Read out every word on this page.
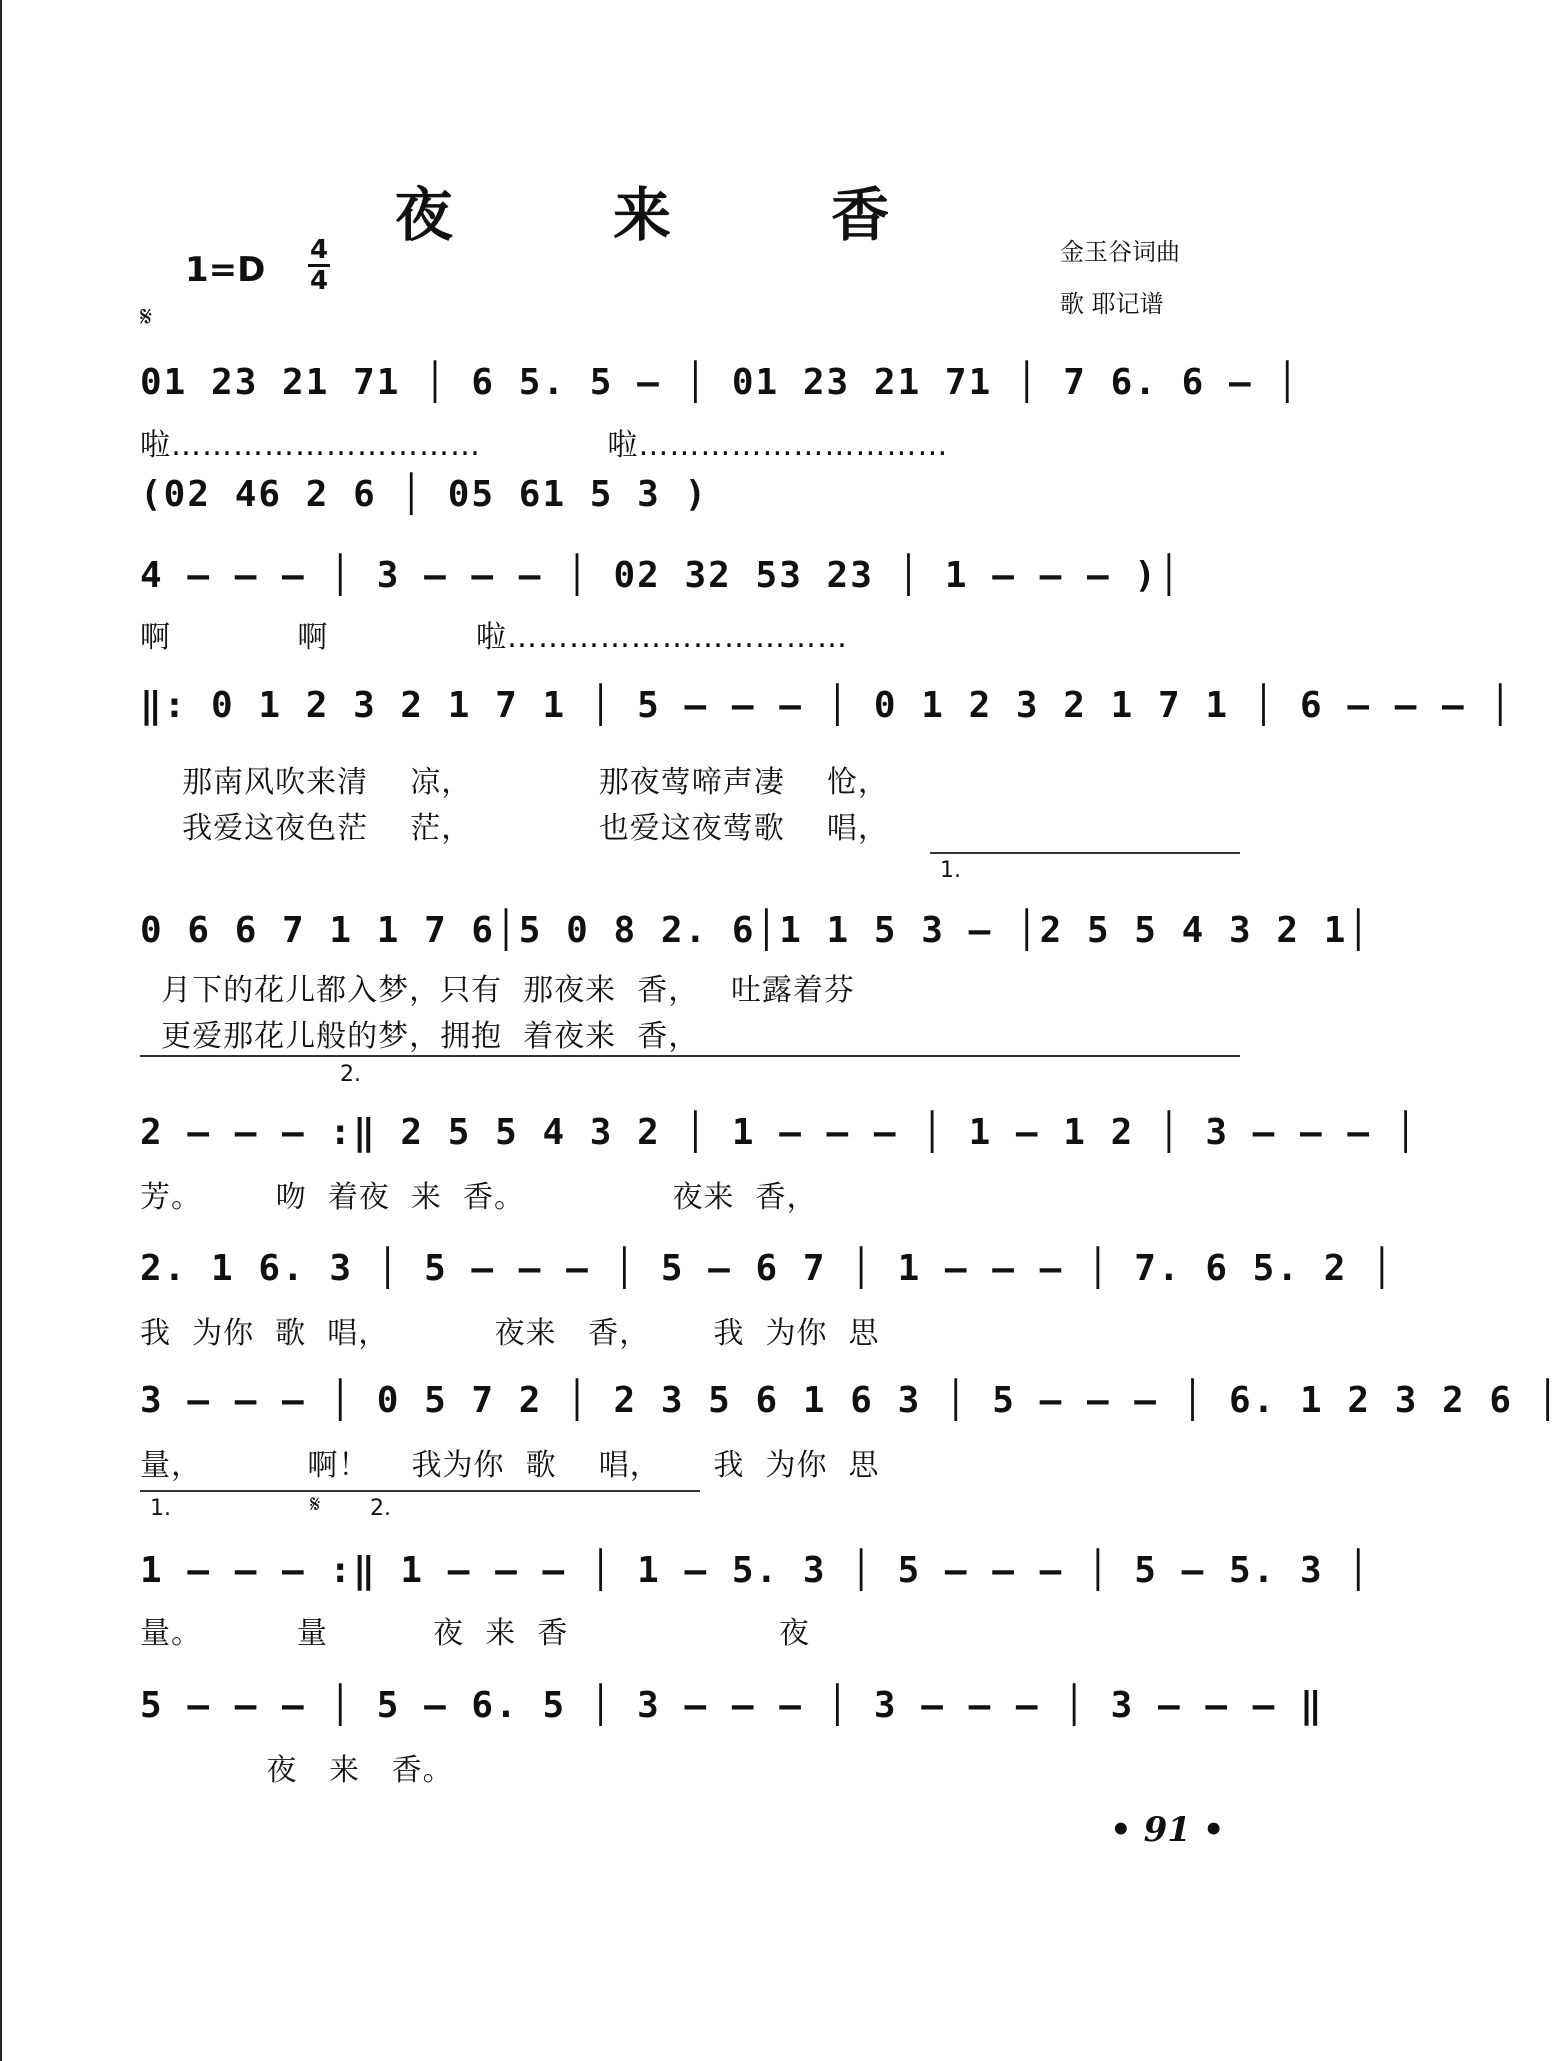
夜 来 香
1=D 4
4
金玉谷词曲
歌 耶记谱
𝄋
01 23 21 71 │ 6 5. 5 – │ 01 23 21 71 │ 7 6. 6 – │
啦…………………………            啦…………………………
(02 46 2 6 │ 05 61 5 3 )
4 – – – │ 3 – – – │ 02 32 53 23 │ 1 – – – )│
啊            啊              啦……………………………
‖: 0 1 2 3 2 1 7 1 │ 5 – – – │ 0 1 2 3 2 1 7 1 │ 6 – – – │
那南风吹来清    凉，            那夜莺啼声凄    怆，
我爱这夜色茫    茫，            也爱这夜莺歌    唱，
1.
0 6 6 7 1 1 7 6│5 0 8 2. 6│1 1 5 3 – │2 5 5 4 3 2 1│
月下的花儿都入梦，只有  那夜来  香，   吐露着芬
更爱那花儿般的梦，拥抱  着夜来  香，
2.
2 – – – :‖ 2 5 5 4 3 2 │ 1 – – – │ 1 – 1 2 │ 3 – – – │
芳。       吻  着夜  来  香。              夜来  香，
2. 1 6. 3 │ 5 – – – │ 5 – 6 7 │ 1 – – – │ 7. 6 5. 2 │
我  为你  歌  唱，          夜来   香，      我  为你  思
3 – – – │ 0 5 7 2 │ 2 3 5 6 1 6 3 │ 5 – – – │ 6. 1 2 3 2 6 │
量，          啊！    我为你  歌    唱，     我  为你  思
1.	𝄋 2.
1 – – – :‖ 1 – – – │ 1 – 5. 3 │ 5 – – – │ 5 – 5. 3 │
量。         量          夜  来  香                    夜
5 – – – │ 5 – 6. 5 │ 3 – – – │ 3 – – – │ 3 – – – ‖
夜   来   香。
• 91 •
